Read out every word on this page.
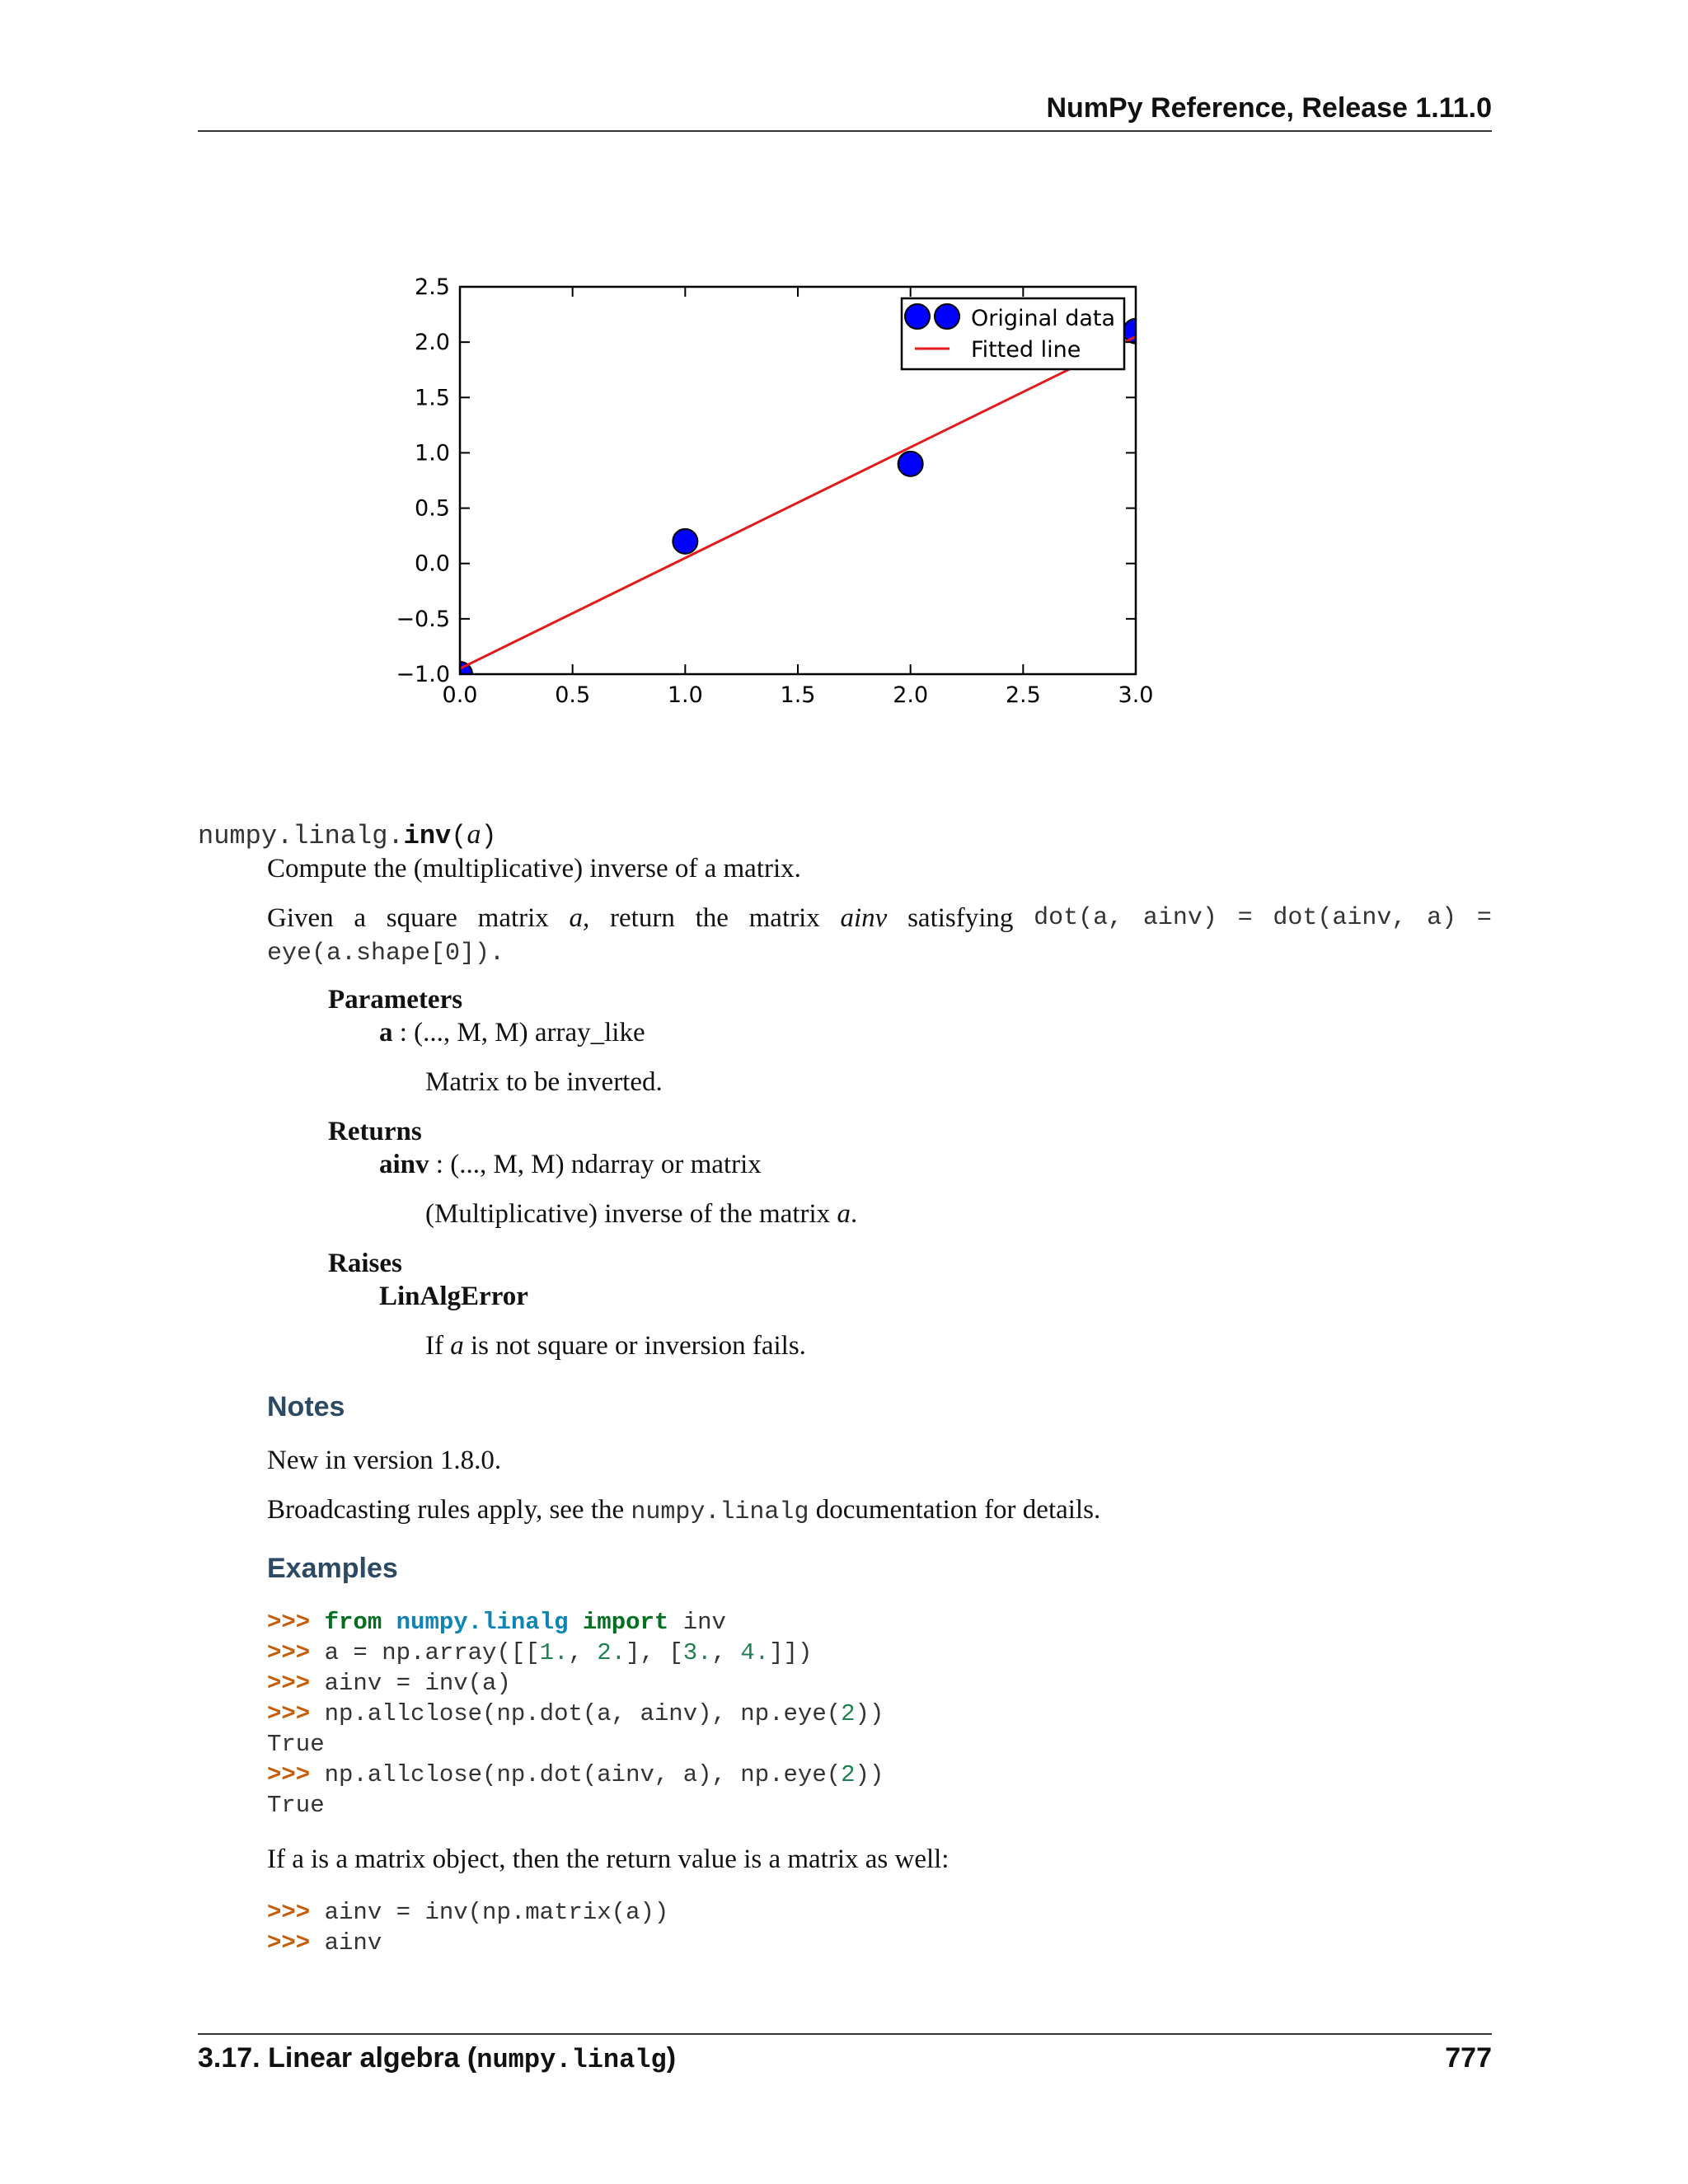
NumPy Reference, Release 1.11.0
0.0	0.5	1.0	1.5	2.0	2.5	3.0
−1.0
−0.5
0.0
0.5
1.0
1.5
2.0
2.5
Original data
Fitted line
numpy.linalg.inv(a)
Compute the (multiplicative) inverse of a matrix.
Given a square matrix a, return the matrix ainv satisfying dot(a, ainv) = dot(ainv, a) =
eye(a.shape[0]).
Parameters
a : (..., M, M) array_like
Matrix to be inverted.
Returns
ainv : (..., M, M) ndarray or matrix
(Multiplicative) inverse of the matrix a.
Raises
LinAlgError
If a is not square or inversion fails.
Notes
New in version 1.8.0.
Broadcasting rules apply, see the numpy.linalg documentation for details.
Examples
>>> from numpy.linalg import inv
>>> a = np.array([[1., 2.], [3., 4.]])
>>> ainv = inv(a)
>>> np.allclose(np.dot(a, ainv), np.eye(2))
True
>>> np.allclose(np.dot(ainv, a), np.eye(2))
True
If a is a matrix object, then the return value is a matrix as well:
>>> ainv = inv(np.matrix(a))
>>> ainv
3.17. Linear algebra (numpy.linalg)	777
